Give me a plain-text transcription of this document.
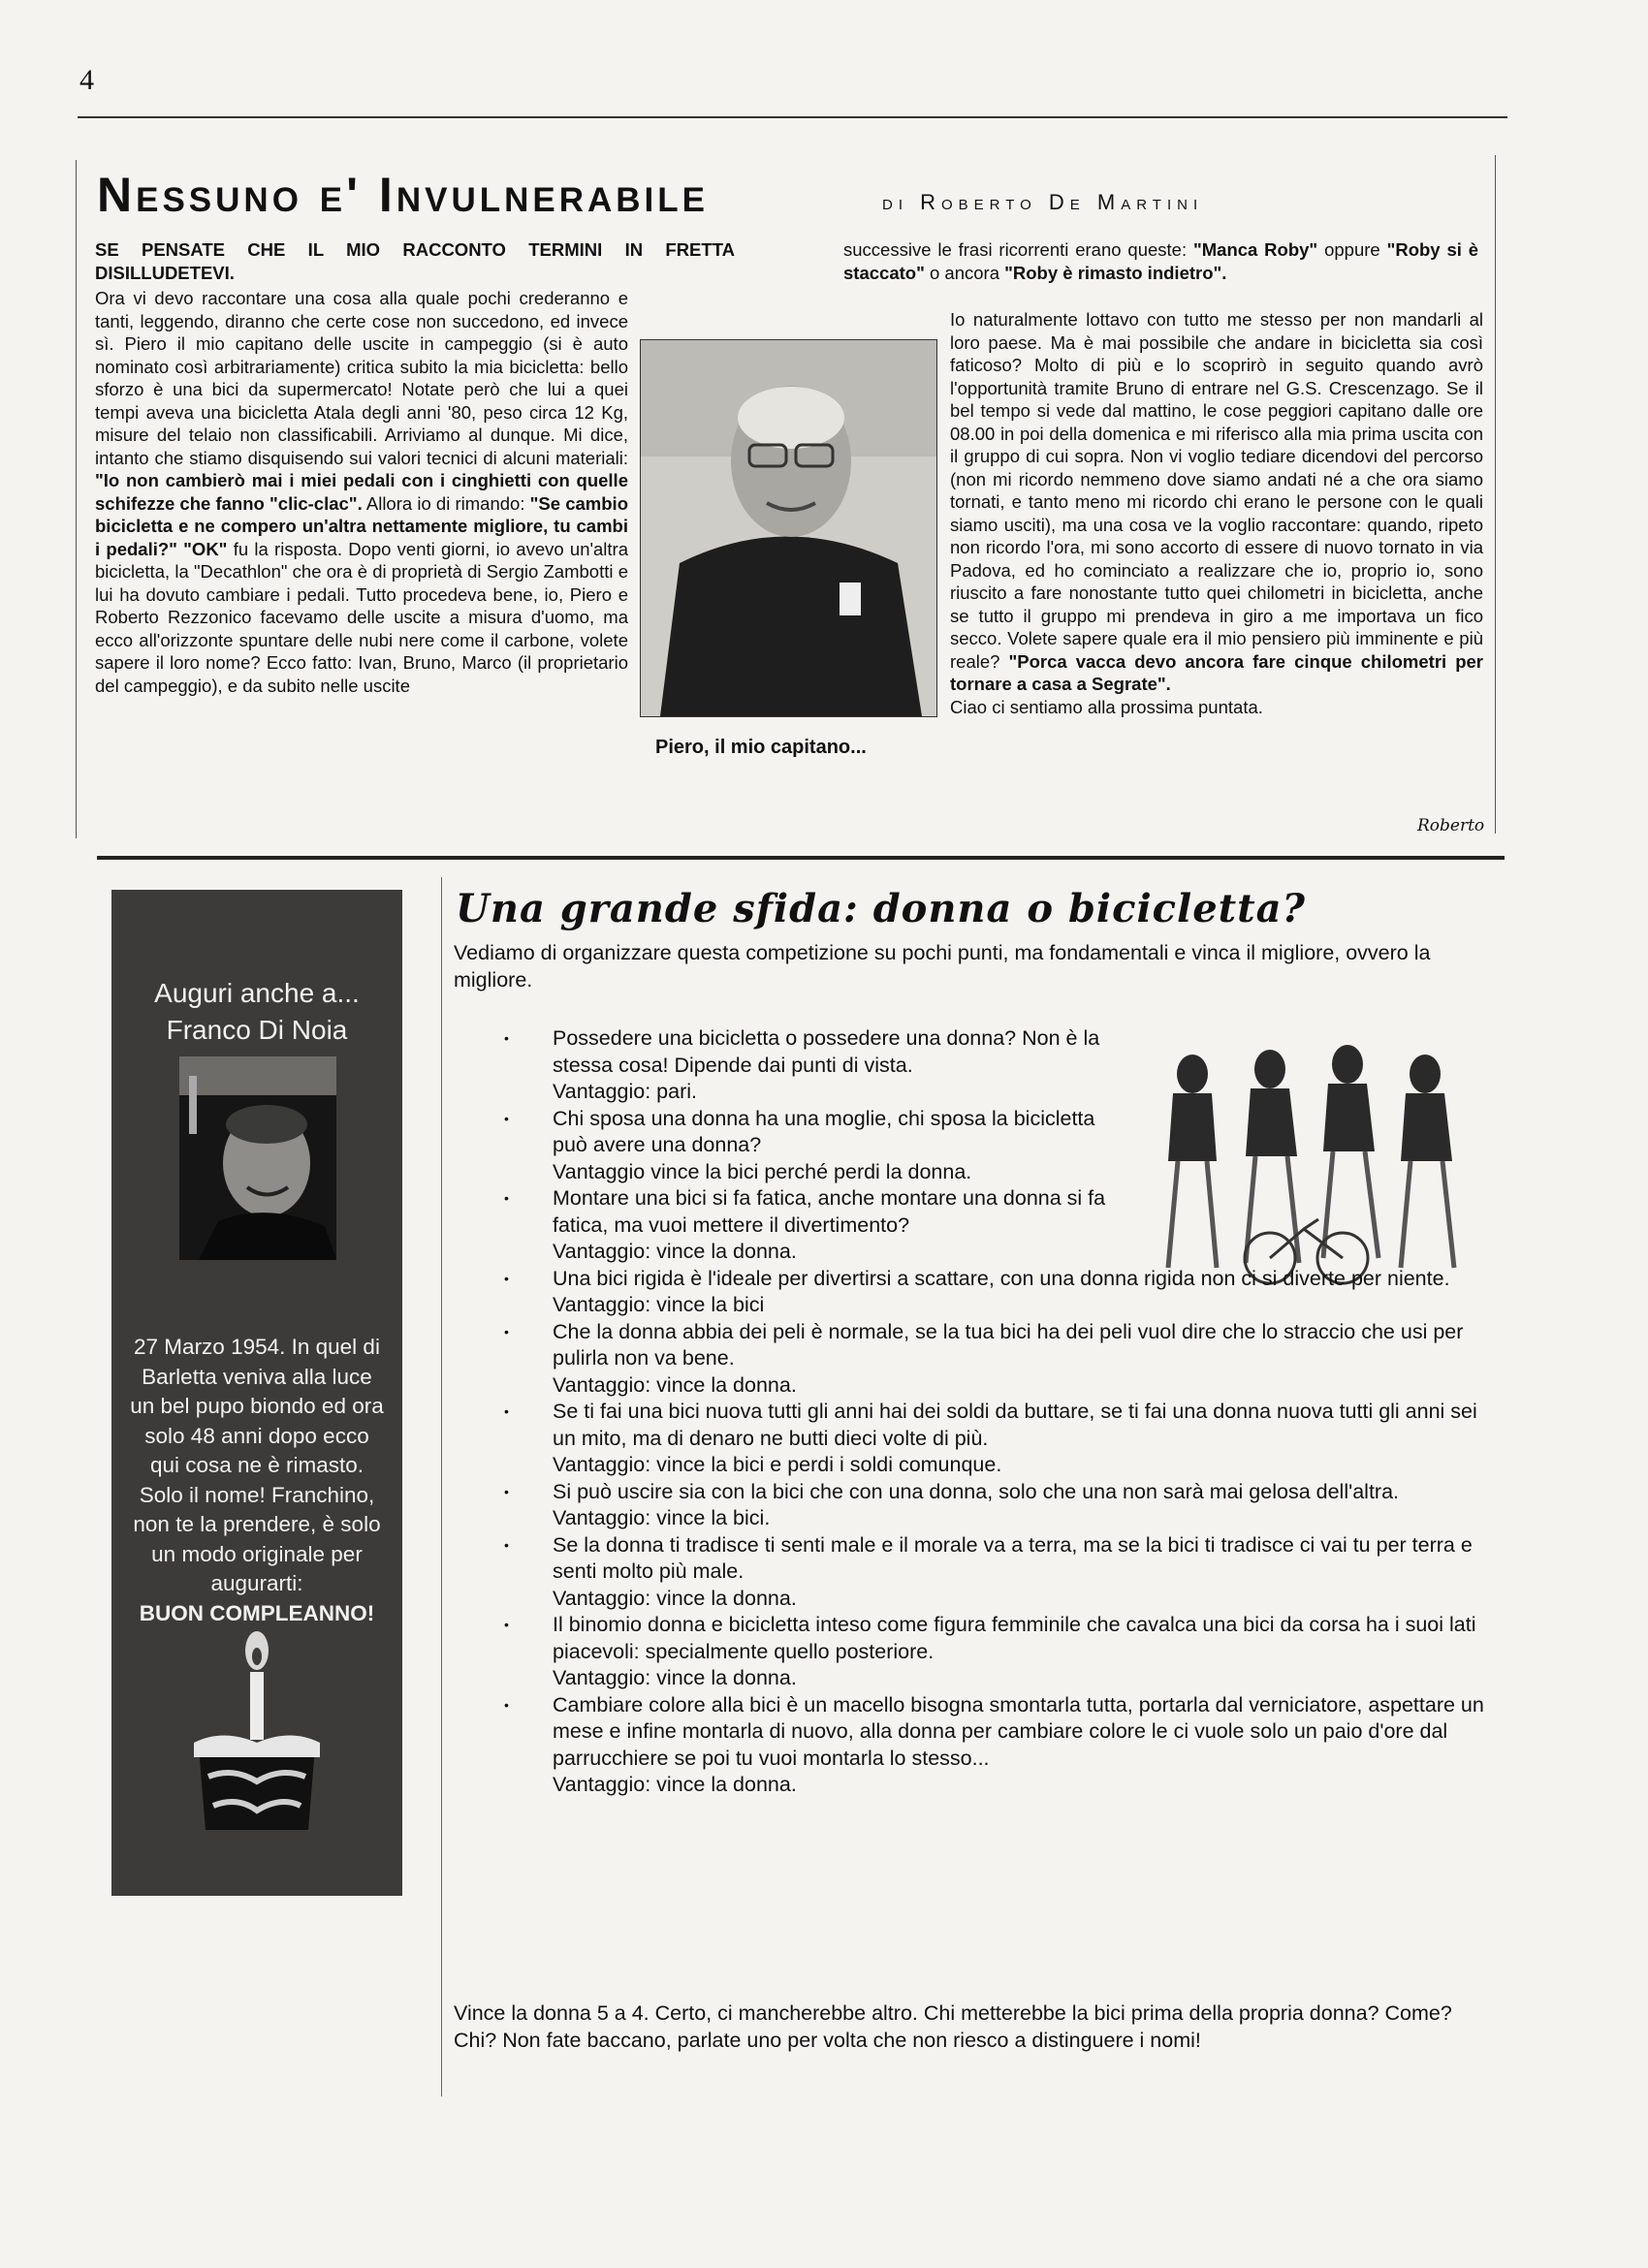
4
Nessuno e' Invulnerabile	di Roberto De Martini

SE PENSATE CHE IL MIO RACCONTO TERMINI IN FRETTA DISILLUDETEVI.

Ora vi devo raccontare una cosa alla quale pochi crederanno e tanti, leggendo, diranno che certe cose non succedono, ed invece sì. Piero il mio capitano delle uscite in campeggio (si è auto nominato così arbitrariamente) critica subito la mia bicicletta: bello sforzo è una bici da supermercato! Notate però che lui a quei tempi aveva una bicicletta Atala degli anni '80, peso circa 12 Kg, misure del telaio non classificabili. Arriviamo al dunque. Mi dice, intanto che stiamo disquisendo sui valori tecnici di alcuni materiali: "Io non cambierò mai i miei pedali con i cinghietti con quelle schifezze che fanno "clic-clac". Allora io di rimando: "Se cambio bicicletta e ne compero un'altra nettamente migliore, tu cambi i pedali?" "OK" fu la risposta. Dopo venti giorni, io avevo un'altra bicicletta, la "Decathlon" che ora è di proprietà di Sergio Zambotti e lui ha dovuto cambiare i pedali. Tutto procedeva bene, io, Piero e Roberto Rezzonico facevamo delle uscite a misura d'uomo, ma ecco all'orizzonte spuntare delle nubi nere come il carbone, volete sapere il loro nome? Ecco fatto: Ivan, Bruno, Marco (il proprietario del campeggio), e da subito nelle uscite

successive le frasi ricorrenti erano queste: "Manca Roby" oppure "Roby si è staccato" o ancora "Roby è rimasto indietro".

Io naturalmente lottavo con tutto me stesso per non mandarli al loro paese. Ma è mai possibile che andare in bicicletta sia così faticoso? Molto di più e lo scoprirò in seguito quando avrò l'opportunità tramite Bruno di entrare nel G.S. Crescenzago. Se il bel tempo si vede dal mattino, le cose peggiori capitano dalle ore 08.00 in poi della domenica e mi riferisco alla mia prima uscita con il gruppo di cui sopra. Non vi voglio tediare dicendovi del percorso (non mi ricordo nemmeno dove siamo andati né a che ora siamo tornati, e tanto meno mi ricordo chi erano le persone con le quali siamo usciti), ma una cosa ve la voglio raccontare: quando, ripeto non ricordo l'ora, mi sono accorto di essere di nuovo tornato in via Padova, ed ho cominciato a realizzare che io, proprio io, sono riuscito a fare nonostante tutto quei chilometri in bicicletta, anche se tutto il gruppo mi prendeva in giro a me importava un fico secco. Volete sapere quale era il mio pensiero più imminente e più reale? "Porca vacca devo ancora fare cinque chilometri per tornare a casa a Segrate".

Ciao ci sentiamo alla prossima puntata.

Piero, il mio capitano...
Roberto
Auguri anche a...
Franco Di Noia
27 Marzo 1954. In quel di Barletta veniva alla luce un bel pupo biondo ed ora solo 48 anni dopo ecco qui cosa ne è rimasto. Solo il nome! Franchino, non te la prendere, è solo un modo originale per augurarti:
BUON COMPLEANNO!
Una grande sfida: donna o bicicletta?

Vediamo di organizzare questa competizione su pochi punti, ma fondamentali e vinca il migliore, ovvero la migliore.

• Possedere una bicicletta o possedere una donna? Non è la stessa cosa! Dipende dai punti di vista.
Vantaggio: pari.
• Chi sposa una donna ha una moglie, chi sposa la bicicletta può avere una donna?
Vantaggio vince la bici perché perdi la donna.
• Montare una bici si fa fatica, anche montare una donna si fa fatica, ma vuoi mettere il divertimento?
Vantaggio: vince la donna.
• Una bici rigida è l'ideale per divertirsi a scattare, con una donna rigida non ci si diverte per niente.
Vantaggio: vince la bici
• Che la donna abbia dei peli è normale, se la tua bici ha dei peli vuol dire che lo straccio che usi per pulirla non va bene.
Vantaggio: vince la donna.
• Se ti fai una bici nuova tutti gli anni hai dei soldi da buttare, se ti fai una donna nuova tutti gli anni sei un mito, ma di denaro ne butti dieci volte di più.
Vantaggio: vince la bici e perdi i soldi comunque.
• Si può uscire sia con la bici che con una donna, solo che una non sarà mai gelosa dell'altra.
Vantaggio: vince la bici.
• Se la donna ti tradisce ti senti male e il morale va a terra, ma se la bici ti tradisce ci vai tu per terra e senti molto più male.
Vantaggio: vince la donna.
• Il binomio donna e bicicletta inteso come figura femminile che cavalca una bici da corsa ha i suoi lati piacevoli: specialmente quello posteriore.
Vantaggio: vince la donna.
• Cambiare colore alla bici è un macello bisogna smontarla tutta, portarla dal verniciatore, aspettare un mese e infine montarla di nuovo, alla donna per cambiare colore le ci vuole solo un paio d'ore dal parrucchiere se poi tu vuoi montarla lo stesso...
Vantaggio: vince la donna.

Vince la donna 5 a 4. Certo, ci mancherebbe altro. Chi metterebbe la bici prima della propria donna? Come? Chi? Non fate baccano, parlate uno per volta che non riesco a distinguere i nomi!
